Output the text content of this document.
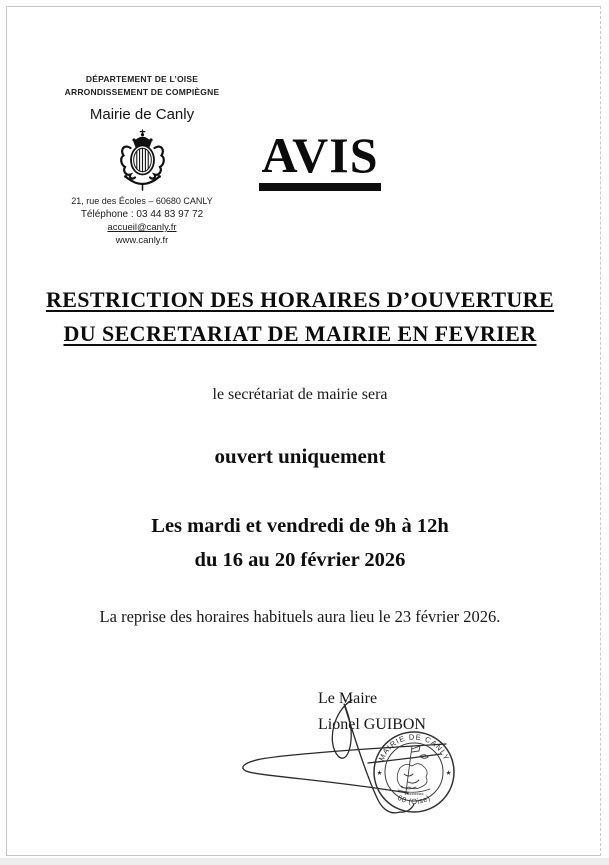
DÉPARTEMENT DE L’OISE
ARRONDISSEMENT DE COMPIÈGNE
Mairie de Canly
21, rue des Écoles – 60680 CANLY
Téléphone : 03 44 83 97 72
accueil@canly.fr
www.canly.fr
AVIS
RESTRICTION DES HORAIRES D’OUVERTURE
DU SECRETARIAT DE MAIRIE EN FEVRIER
le secrétariat de mairie sera
ouvert uniquement
Les mardi et vendredi de 9h à 12h
du 16 au 20 février 2026
La reprise des horaires habituels aura lieu le 23 février 2026.
Le Maire
Lionel GUIBON
MAIRIE DE CANLY
60 (Oise)
★	★
